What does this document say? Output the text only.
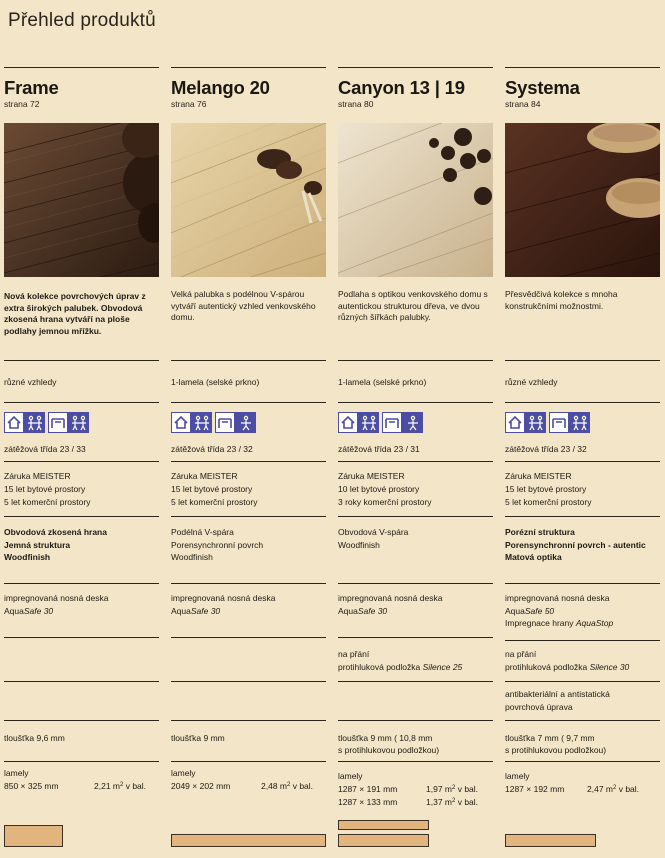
Přehled produktů
Frame
strana 72
Nová kolekce povrchových úprav z extra širokých palubek. Obvodová zkosená hrana vytváří na ploše podlahy jemnou mřížku.
různé vzhledy
zátěžová třída 23 / 33
Záruka MEISTER
15 let bytové prostory
5 let komerční prostory
Obvodová zkosená hrana
Jemná struktura
Woodfinish
impregnovaná nosná deska
AquaSafe 30
tloušťka 9,6 mm
lamely
850 × 325 mm	2,21 $m^2$ v bal.
Melango 20
strana 76
Velká palubka s podélnou V-spárou vytváří autentický vzhled venkovského domu.
1-lamela (selské prkno)
zátěžová třída 23 / 32
Záruka MEISTER
15 let bytové prostory
5 let komerční prostory
Podélná V-spára
Porensynchronní povrch
Woodfinish
impregnovaná nosná deska
AquaSafe 30
tloušťka 9 mm
lamely
2049 × 202 mm	2,48 $m^2$ v bal.
Canyon 13 | 19
strana 80
Podlaha s optikou venkovského domu s autentickou strukturou dřeva, ve dvou různých šířkách palubky.
1-lamela (selské prkno)
zátěžová třída 23 / 31
Záruka MEISTER
10 let bytové prostory
3 roky komerční prostory
Obvodová V-spára
Woodfinish
impregnovaná nosná deska
AquaSafe 30
na přání
protihluková podložka Silence 25
tloušťka 9 mm ( 10,8 mm
s protihlukovou podložkou)
lamely
1287 × 191 mm	1,97 $m^2$ v bal.
1287 × 133 mm	1,37 $m^2$ v bal.
Systema
strana 84
Přesvědčivá kolekce s mnoha konstrukčními možnostmi.
různé vzhledy
zátěžová třída 23 / 32
Záruka MEISTER
15 let bytové prostory
5 let komerční prostory
Porézní struktura
Porensynchronní povrch - autentic
Matová optika
impregnovaná nosná deska
AquaSafe 50
Impregnace hrany AquaStop
na přání
protihluková podložka Silence 30
antibakteriální a antistatická
povrchová úprava
tloušťka 7 mm ( 9,7 mm
s protihlukovou podložkou)
lamely
1287 × 192 mm	2,47 $m^2$ v bal.
